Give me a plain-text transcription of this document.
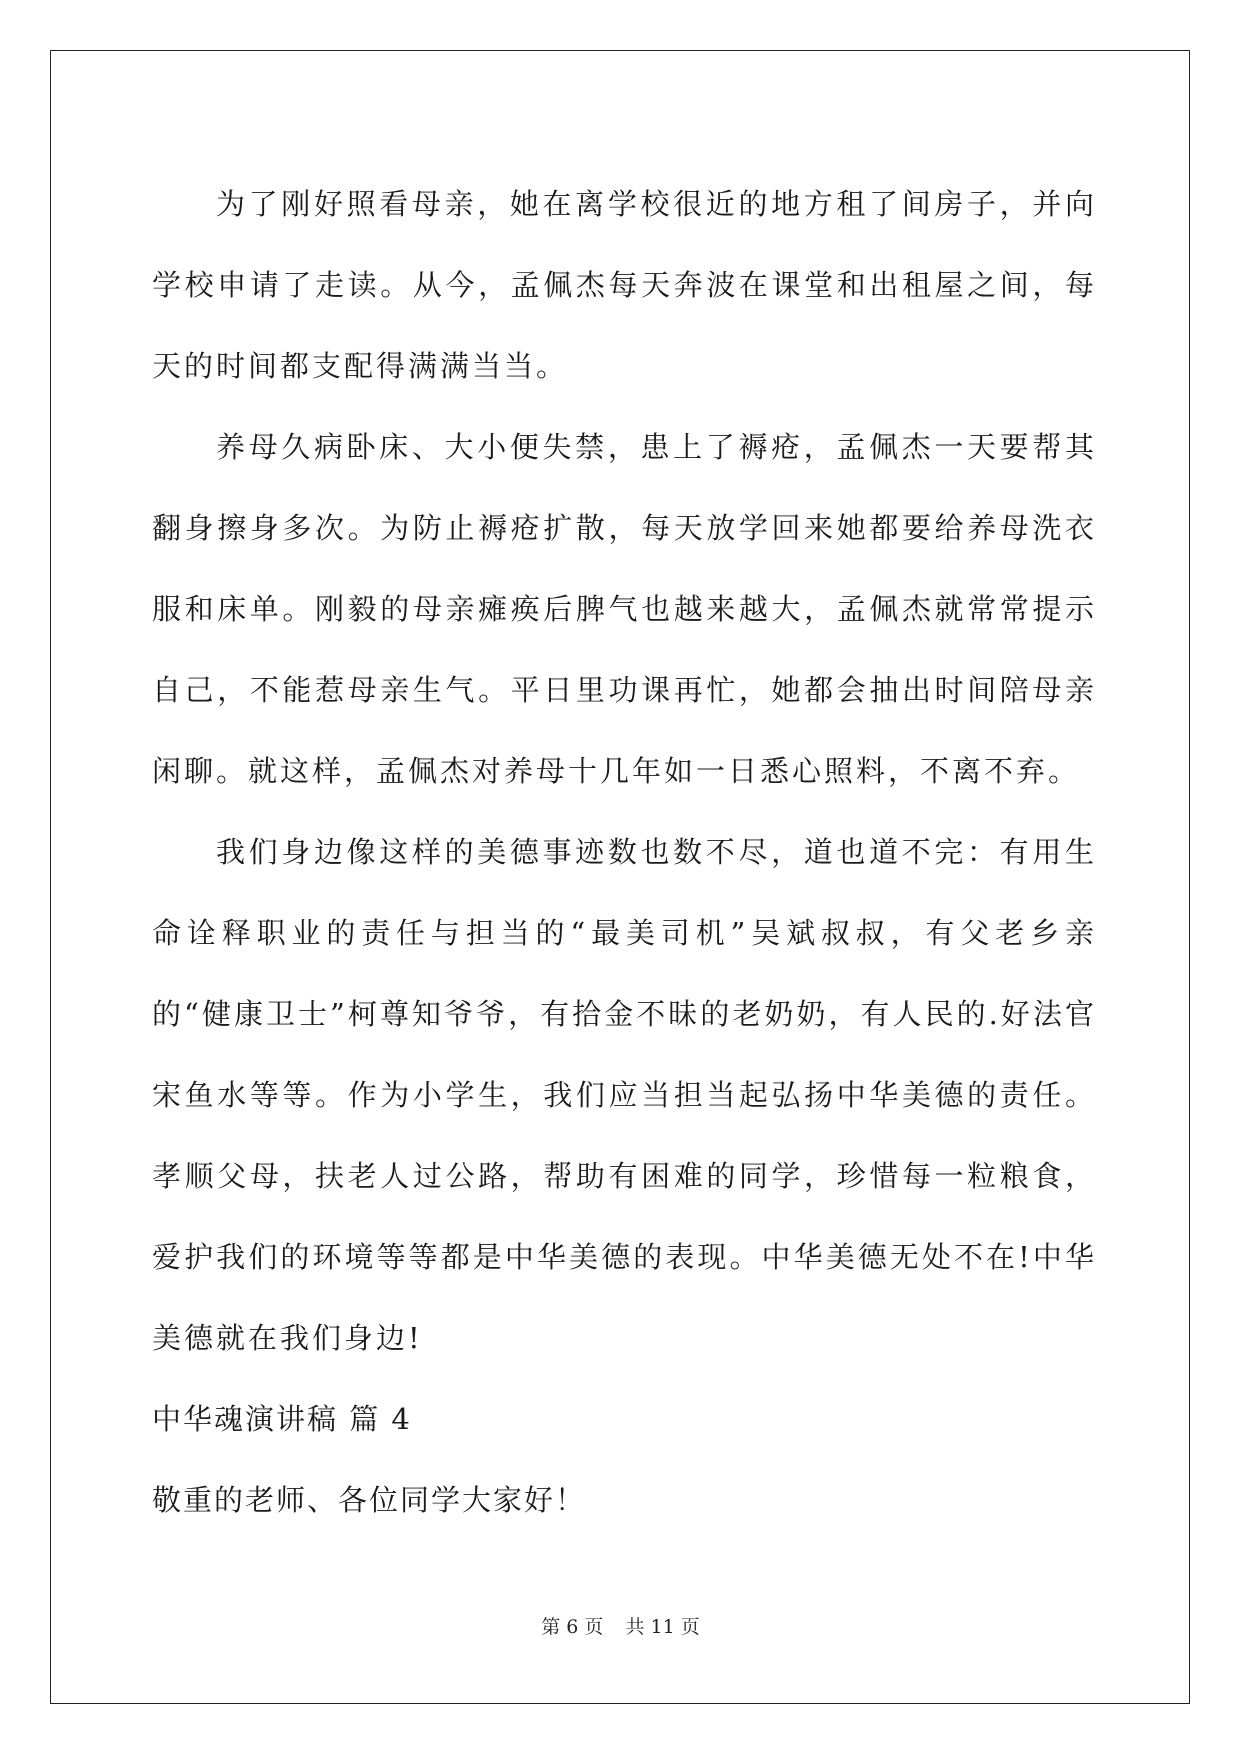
为了刚好照看母亲，她在离学校很近的地方租了间房子，并向学校申请了走读。从今，孟佩杰每天奔波在课堂和出租屋之间，每天的时间都支配得满满当当。

养母久病卧床、大小便失禁，患上了褥疮，孟佩杰一天要帮其翻身擦身多次。为防止褥疮扩散，每天放学回来她都要给养母洗衣服和床单。刚毅的母亲瘫痪后脾气也越来越大，孟佩杰就常常提示自己，不能惹母亲生气。平日里功课再忙，她都会抽出时间陪母亲闲聊。就这样，孟佩杰对养母十几年如一日悉心照料，不离不弃。

我们身边像这样的美德事迹数也数不尽，道也道不完：有用生命诠释职业的责任与担当的“最美司机”吴斌叔叔，有父老乡亲的“健康卫士”柯尊知爷爷，有拾金不昧的老奶奶，有人民的.好法官宋鱼水等等。作为小学生，我们应当担当起弘扬中华美德的责任。孝顺父母，扶老人过公路，帮助有困难的同学，珍惜每一粒粮食，爱护我们的环境等等都是中华美德的表现。中华美德无处不在!中华美德就在我们身边!

中华魂演讲稿 篇 4

敬重的老师、各位同学大家好！

第 6 页 共 11 页
